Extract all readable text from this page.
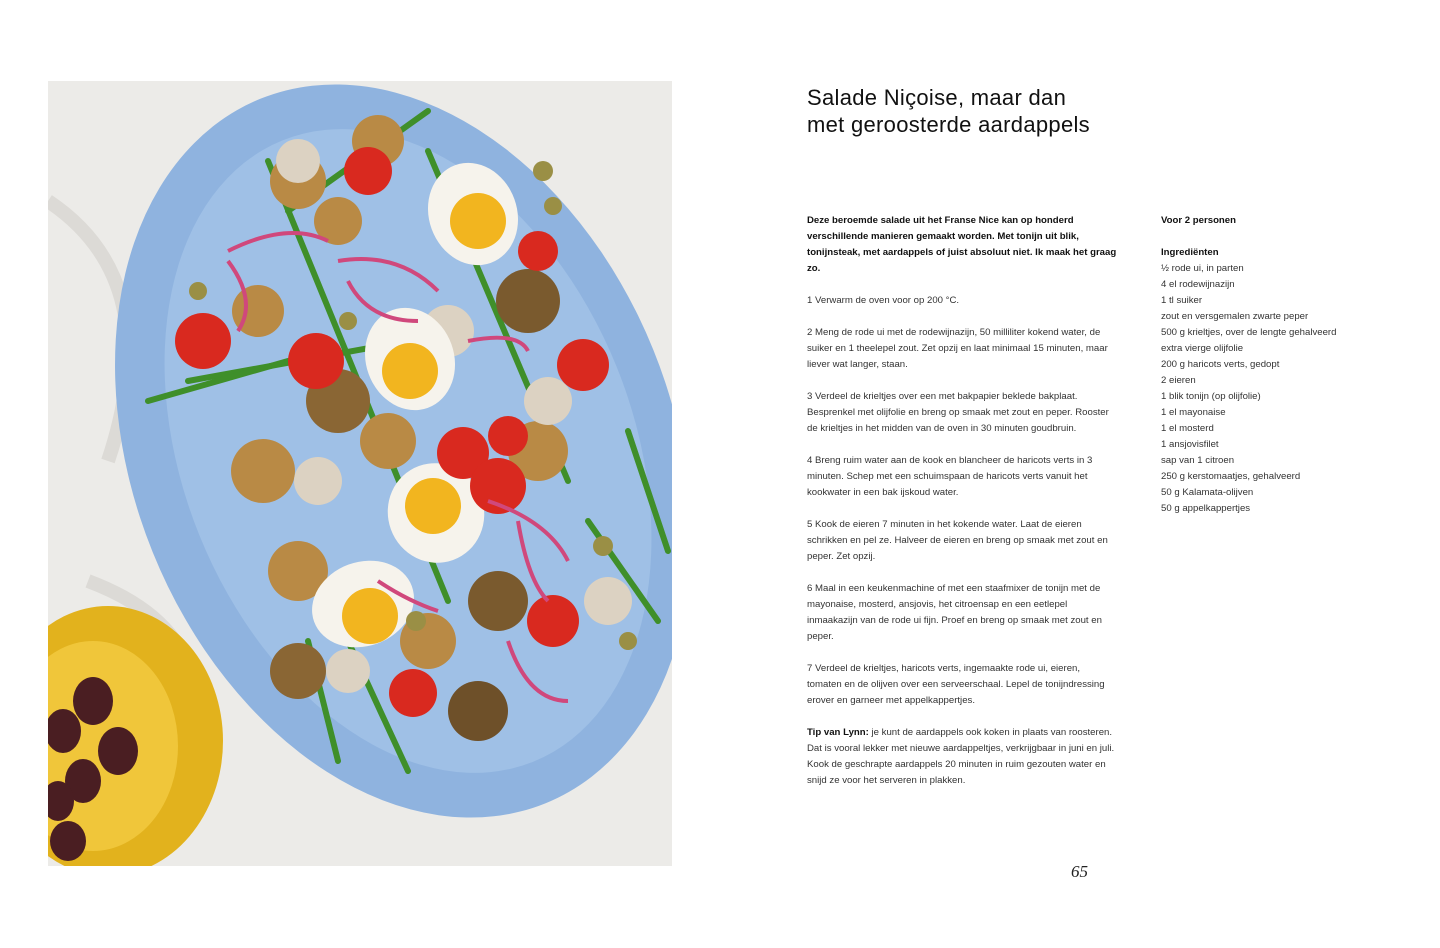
Salade Niçoise, maar dan met geroosterde aardappels

Deze beroemde salade uit het Franse Nice kan op honderd verschillende manieren gemaakt worden. Met tonijn uit blik, tonijnsteak, met aardappels of juist absoluut niet. Ik maak het graag zo.

1 Verwarm de oven voor op 200 °C.

2 Meng de rode ui met de rodewijnazijn, 50 milliliter kokend water, de suiker en 1 theelepel zout. Zet opzij en laat minimaal 15 minuten, maar liever wat langer, staan.

3 Verdeel de krieltjes over een met bakpapier beklede bakplaat. Besprenkel met olijfolie en breng op smaak met zout en peper. Rooster de krieltjes in het midden van de oven in 30 minuten goudbruin.

4 Breng ruim water aan de kook en blancheer de haricots verts in 3 minuten. Schep met een schuimspaan de haricots verts vanuit het kookwater in een bak ijskoud water.

5 Kook de eieren 7 minuten in het kokende water. Laat de eieren schrikken en pel ze. Halveer de eieren en breng op smaak met zout en peper. Zet opzij.

6 Maal in een keukenmachine of met een staafmixer de tonijn met de mayonaise, mosterd, ansjovis, het citroensap en een eetlepel inmaakazijn van de rode ui fijn. Proef en breng op smaak met zout en peper.

7 Verdeel de krieltjes, haricots verts, ingemaakte rode ui, eieren, tomaten en de olijven over een serveerschaal. Lepel de tonijndressing erover en garneer met appelkappertjes.

Tip van Lynn: je kunt de aardappels ook koken in plaats van roosteren. Dat is vooral lekker met nieuwe aardappeltjes, verkrijgbaar in juni en juli. Kook de geschrapte aardappels 20 minuten in ruim gezouten water en snijd ze voor het serveren in plakken.

Voor 2 personen
Ingrediënten
½ rode ui, in parten
4 el rodewijnazijn
1 tl suiker
zout en versgemalen zwarte peper
500 g krieltjes, over de lengte gehalveerd
extra vierge olijfolie
200 g haricots verts, gedopt
2 eieren
1 blik tonijn (op olijfolie)
1 el mayonaise
1 el mosterd
1 ansjovisfilet
sap van 1 citroen
250 g kerstomaatjes, gehalveerd
50 g Kalamata-olijven
50 g appelkappertjes
65
